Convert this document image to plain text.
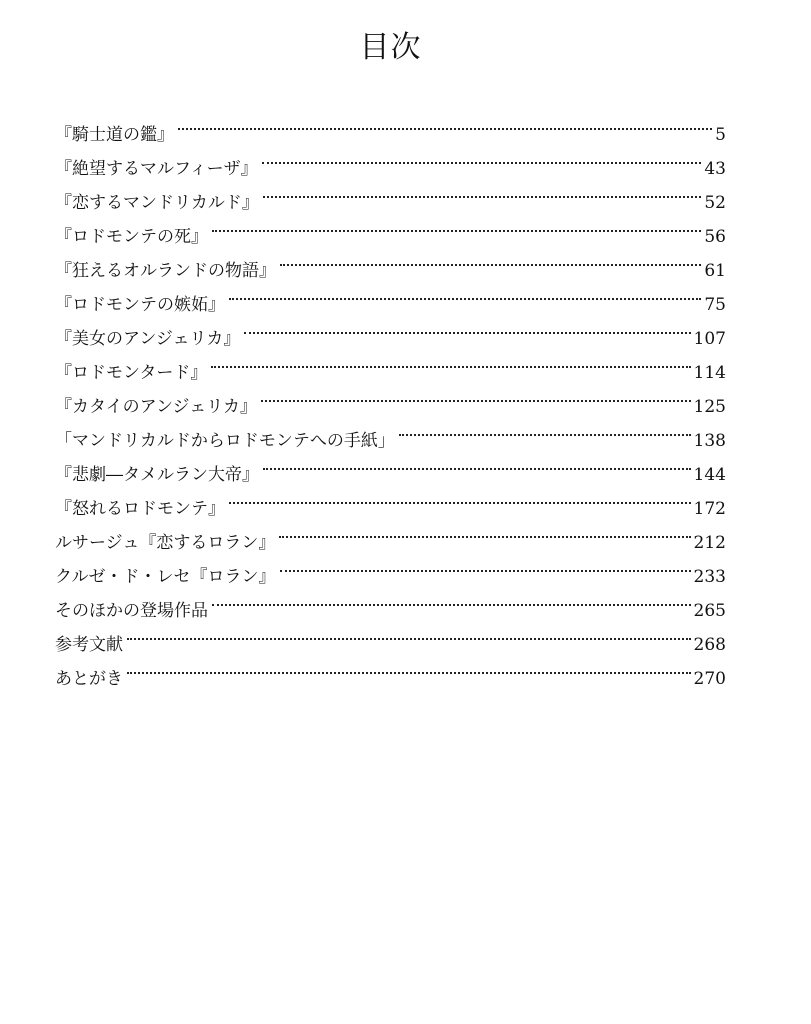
目次
『騎士道の鑑』	5
『絶望するマルフィーザ』	43
『恋するマンドリカルド』	52
『ロドモンテの死』	56
『狂えるオルランドの物語』	61
『ロドモンテの嫉妬』	75
『美女のアンジェリカ』	107
『ロドモンタード』	114
『カタイのアンジェリカ』	125
「マンドリカルドからロドモンテへの手紙」	138
『悲劇―タメルラン大帝』	144
『怒れるロドモンテ』	172
ルサージュ『恋するロラン』	212
クルゼ・ド・レセ『ロラン』	233
そのほかの登場作品	265
参考文献	268
あとがき	270
